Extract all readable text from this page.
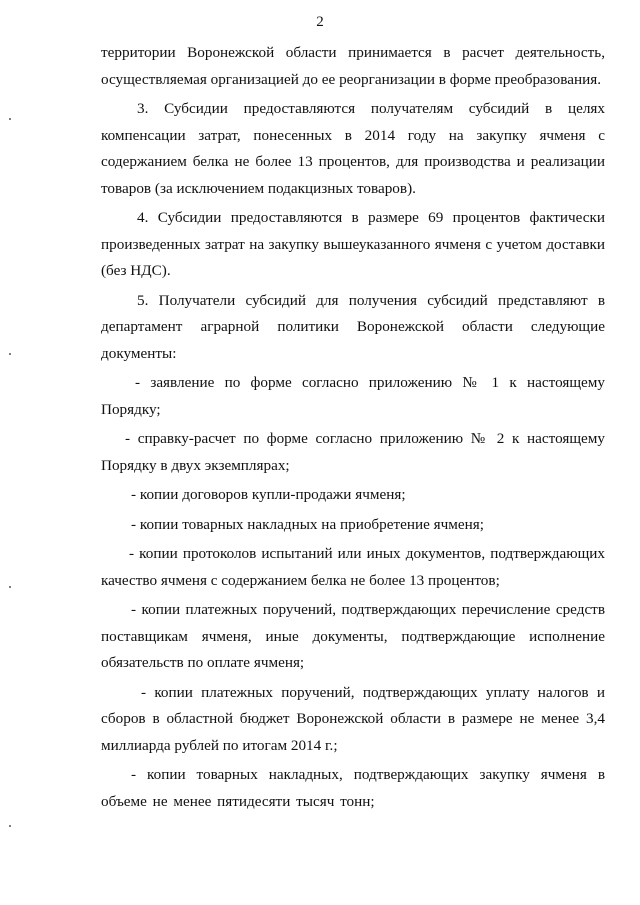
2

территории Воронежской области принимается в расчет деятельность, осуществляемая организацией до ее реорганизации в форме преобразования.

3. Субсидии предоставляются получателям субсидий в целях компенсации затрат, понесенных в 2014 году на закупку ячменя с содержанием белка не более 13 процентов, для производства и реализации товаров (за исключением подакцизных товаров).

4. Субсидии предоставляются в размере 69 процентов фактически произведенных затрат на закупку вышеуказанного ячменя с учетом доставки (без НДС).

5. Получатели субсидий для получения субсидий представляют в департамент аграрной политики Воронежской области следующие документы:

- заявление по форме согласно приложению № 1 к настоящему Порядку;

- справку-расчет по форме согласно приложению № 2 к настоящему Порядку в двух экземплярах;

- копии договоров купли-продажи ячменя;

- копии товарных накладных на приобретение ячменя;

- копии протоколов испытаний или иных документов, подтверждающих качество ячменя с содержанием белка не более 13 процентов;

- копии платежных поручений, подтверждающих перечисление средств поставщикам ячменя, иные документы, подтверждающие исполнение обязательств по оплате ячменя;

- копии платежных поручений, подтверждающих уплату налогов и сборов в областной бюджет Воронежской области в размере не менее 3,4 миллиарда рублей по итогам 2014 г.;

- копии товарных накладных, подтверждающих закупку ячменя в объеме не менее пятидесяти тысяч тонн;
